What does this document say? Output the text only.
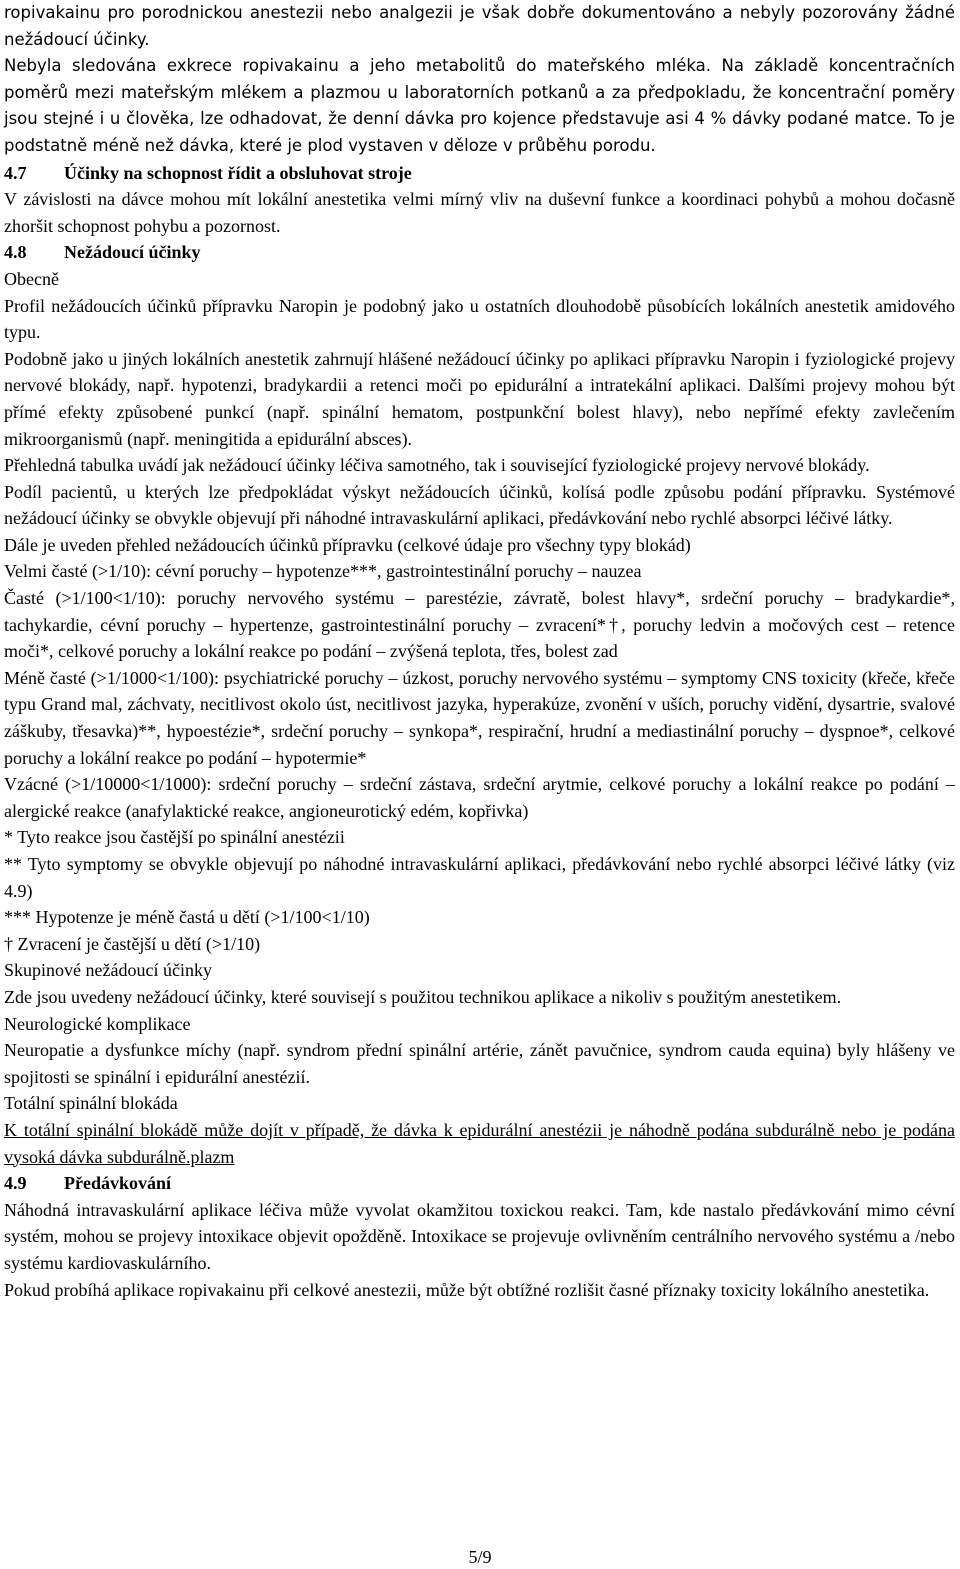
ropivakainu pro porodnickou anestezii nebo analgezii je však dobře dokumentováno a nebyly pozorovány žádné nežádoucí účinky.

Nebyla sledována exkrece ropivakainu a jeho metabolitů do mateřského mléka. Na základě koncentračních poměrů mezi mateřským mlékem a plazmou u laboratorních potkanů a za předpokladu, že koncentrační poměry jsou stejné i u člověka, lze odhadovat, že denní dávka pro kojence představuje asi 4 % dávky podané matce. To je podstatně méně než dávka, které je plod vystaven v děloze v průběhu porodu.

4.7 Účinky na schopnost řídit a obsluhovat stroje

V závislosti na dávce mohou mít lokální anestetika velmi mírný vliv na duševní funkce a koordinaci pohybů a mohou dočasně zhoršit schopnost pohybu a pozornost.

4.8 Nežádoucí účinky

Obecně

Profil nežádoucích účinků přípravku Naropin je podobný jako u ostatních dlouhodobě působících lokálních anestetik amidového typu.

Podobně jako u jiných lokálních anestetik zahrnují hlášené nežádoucí účinky po aplikaci přípravku Naropin i fyziologické projevy nervové blokády, např. hypotenzi, bradykardii a retenci moči po epidurální a intratekální aplikaci. Dalšími projevy mohou být přímé efekty způsobené punkcí (např. spinální hematom, postpunkční bolest hlavy), nebo nepřímé efekty zavlečením mikroorganismů (např. meningitida a epidurální absces).

Přehledná tabulka uvádí jak nežádoucí účinky léčiva samotného, tak i související fyziologické projevy nervové blokády.

Podíl pacientů, u kterých lze předpokládat výskyt nežádoucích účinků, kolísá podle způsobu podání přípravku. Systémové nežádoucí účinky se obvykle objevují při náhodné intravaskulární aplikaci, předávkování nebo rychlé absorpci léčivé látky.

Dále je uveden přehled nežádoucích účinků přípravku (celkové údaje pro všechny typy blokád)

Velmi časté (>1/10): cévní poruchy – hypotenze***, gastrointestinální poruchy – nauzea

Časté (>1/100<1/10): poruchy nervového systému – parestézie, závratě, bolest hlavy*, srdeční poruchy – bradykardie*, tachykardie, cévní poruchy – hypertenze, gastrointestinální poruchy – zvracení*†, poruchy ledvin a močových cest – retence moči*, celkové poruchy a lokální reakce po podání – zvýšená teplota, třes, bolest zad

Méně časté (>1/1000<1/100): psychiatrické poruchy – úzkost, poruchy nervového systému – symptomy CNS toxicity (křeče, křeče typu Grand mal, záchvaty, necitlivost okolo úst, necitlivost jazyka, hyperakúze, zvonění v uších, poruchy vidění, dysartrie, svalové záškuby, třesavka)**, hypoestézie*, srdeční poruchy – synkopa*, respirační, hrudní a mediastinální poruchy – dyspnoe*, celkové poruchy a lokální reakce po podání – hypotermie*

Vzácné (>1/10000<1/1000): srdeční poruchy – srdeční zástava, srdeční arytmie, celkové poruchy a lokální reakce po podání – alergické reakce (anafylaktické reakce, angioneurotický edém, kopřivka)

* Tyto reakce jsou častější po spinální anestézii

** Tyto symptomy se obvykle objevují po náhodné intravaskulární aplikaci, předávkování nebo rychlé absorpci léčivé látky (viz 4.9)

*** Hypotenze je méně častá u dětí (>1/100<1/10)

† Zvracení je častější u dětí (>1/10)

Skupinové nežádoucí účinky

Zde jsou uvedeny nežádoucí účinky, které souvisejí s použitou technikou aplikace a nikoliv s použitým anestetikem.

Neurologické komplikace

Neuropatie a dysfunkce míchy (např. syndrom přední spinální artérie, zánět pavučnice, syndrom cauda equina) byly hlášeny ve spojitosti se spinální i epidurální anestézií.

Totální spinální blokáda

K totální spinální blokádě může dojít v případě, že dávka k epidurální anestézii je náhodně podána subdurálně nebo je podána vysoká dávka subdurálně.plazm

4.9 Předávkování

Náhodná intravaskulární aplikace léčiva může vyvolat okamžitou toxickou reakci. Tam, kde nastalo předávkování mimo cévní systém, mohou se projevy intoxikace objevit opožděně. Intoxikace se projevuje ovlivněním centrálního nervového systému a /nebo systému kardiovaskulárního.

Pokud probíhá aplikace ropivakainu při celkové anestezii, může být obtížné rozlišit časné příznaky toxicity lokálního anestetika.

5/9
